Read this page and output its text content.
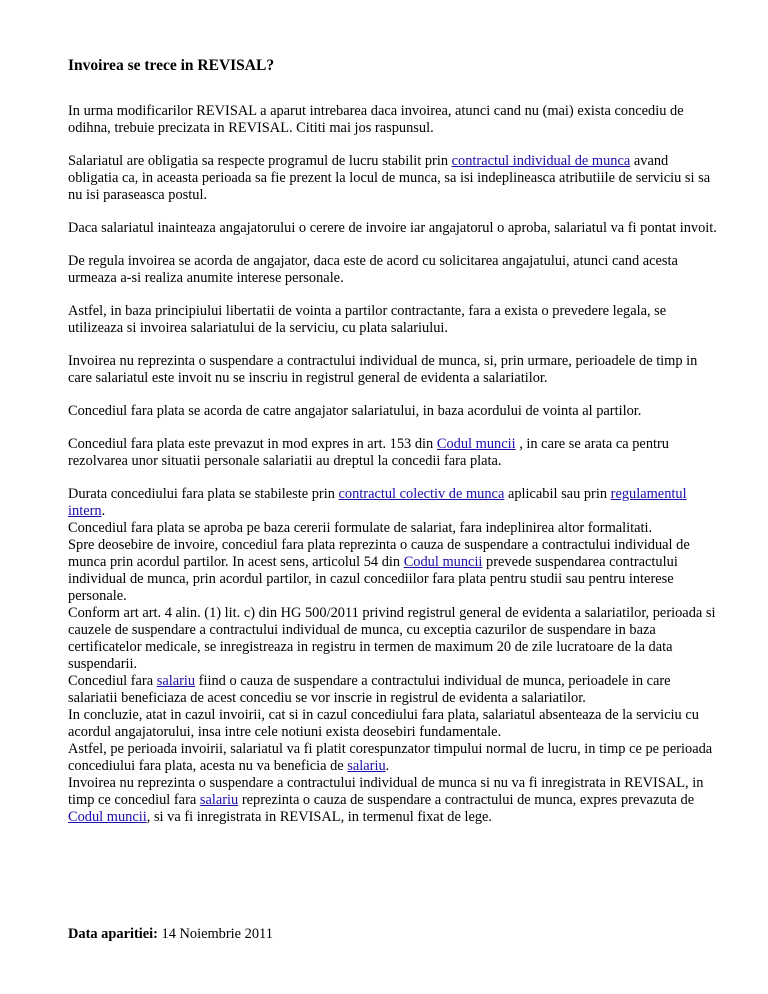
Invoirea se trece in REVISAL?

In urma modificarilor REVISAL a aparut intrebarea daca invoirea, atunci cand nu (mai) exista concediu de odihna, trebuie precizata in REVISAL. Cititi mai jos raspunsul.

Salariatul are obligatia sa respecte programul de lucru stabilit prin contractul individual de munca avand obligatia ca, in aceasta perioada sa fie prezent la locul de munca, sa isi indeplineasca atributiile de serviciu si sa nu isi paraseasca postul.

Daca salariatul inainteaza angajatorului o cerere de invoire iar angajatorul o aproba, salariatul va fi pontat invoit.

De regula invoirea se acorda de angajator, daca este de acord cu solicitarea angajatului, atunci cand acesta urmeaza a-si realiza anumite interese personale.

Astfel, in baza principiului libertatii de vointa a partilor contractante, fara a exista o prevedere legala, se utilizeaza si invoirea salariatului de la serviciu, cu plata salariului.

Invoirea nu reprezinta o suspendare a contractului individual de munca, si, prin urmare, perioadele de timp in care salariatul este invoit nu se inscriu in registrul general de evidenta a salariatilor.

Concediul fara plata se acorda de catre angajator salariatului, in baza acordului de vointa al partilor.

Concediul fara plata este prevazut in mod expres in art. 153 din Codul muncii , in care se arata ca pentru rezolvarea unor situatii personale salariatii au dreptul la concedii fara plata.

Durata concediului fara plata se stabileste prin contractul colectiv de munca aplicabil sau prin regulamentul intern.

Concediul fara plata se aproba pe baza cererii formulate de salariat, fara indeplinirea altor formalitati.

Spre deosebire de invoire, concediul fara plata reprezinta o cauza de suspendare a contractului individual de munca prin acordul partilor. In acest sens, articolul 54 din Codul muncii prevede suspendarea contractului individual de munca, prin acordul partilor, in cazul concediilor fara plata pentru studii sau pentru interese personale.

Conform art art. 4 alin. (1) lit. c) din HG 500/2011 privind registrul general de evidenta a salariatilor, perioada si cauzele de suspendare a contractului individual de munca, cu exceptia cazurilor de suspendare in baza certificatelor medicale, se inregistreaza in registru in termen de maximum 20 de zile lucratoare de la data suspendarii.

Concediul fara salariu fiind o cauza de suspendare a contractului individual de munca, perioadele in care salariatii beneficiaza de acest concediu se vor inscrie in registrul de evidenta a salariatilor.

In concluzie, atat in cazul invoirii, cat si in cazul concediului fara plata, salariatul absenteaza de la serviciu cu acordul angajatorului, insa intre cele notiuni exista deosebiri fundamentale.

Astfel, pe perioada invoirii, salariatul va fi platit corespunzator timpului normal de lucru, in timp ce pe perioada concediului fara plata, acesta nu va beneficia de salariu.

Invoirea nu reprezinta o suspendare a contractului individual de munca si nu va fi inregistrata in REVISAL, in timp ce concediul fara salariu reprezinta o cauza de suspendare a contractului de munca, expres prevazuta de Codul muncii, si va fi inregistrata in REVISAL, in termenul fixat de lege.

Data aparitiei: 14 Noiembrie 2011
